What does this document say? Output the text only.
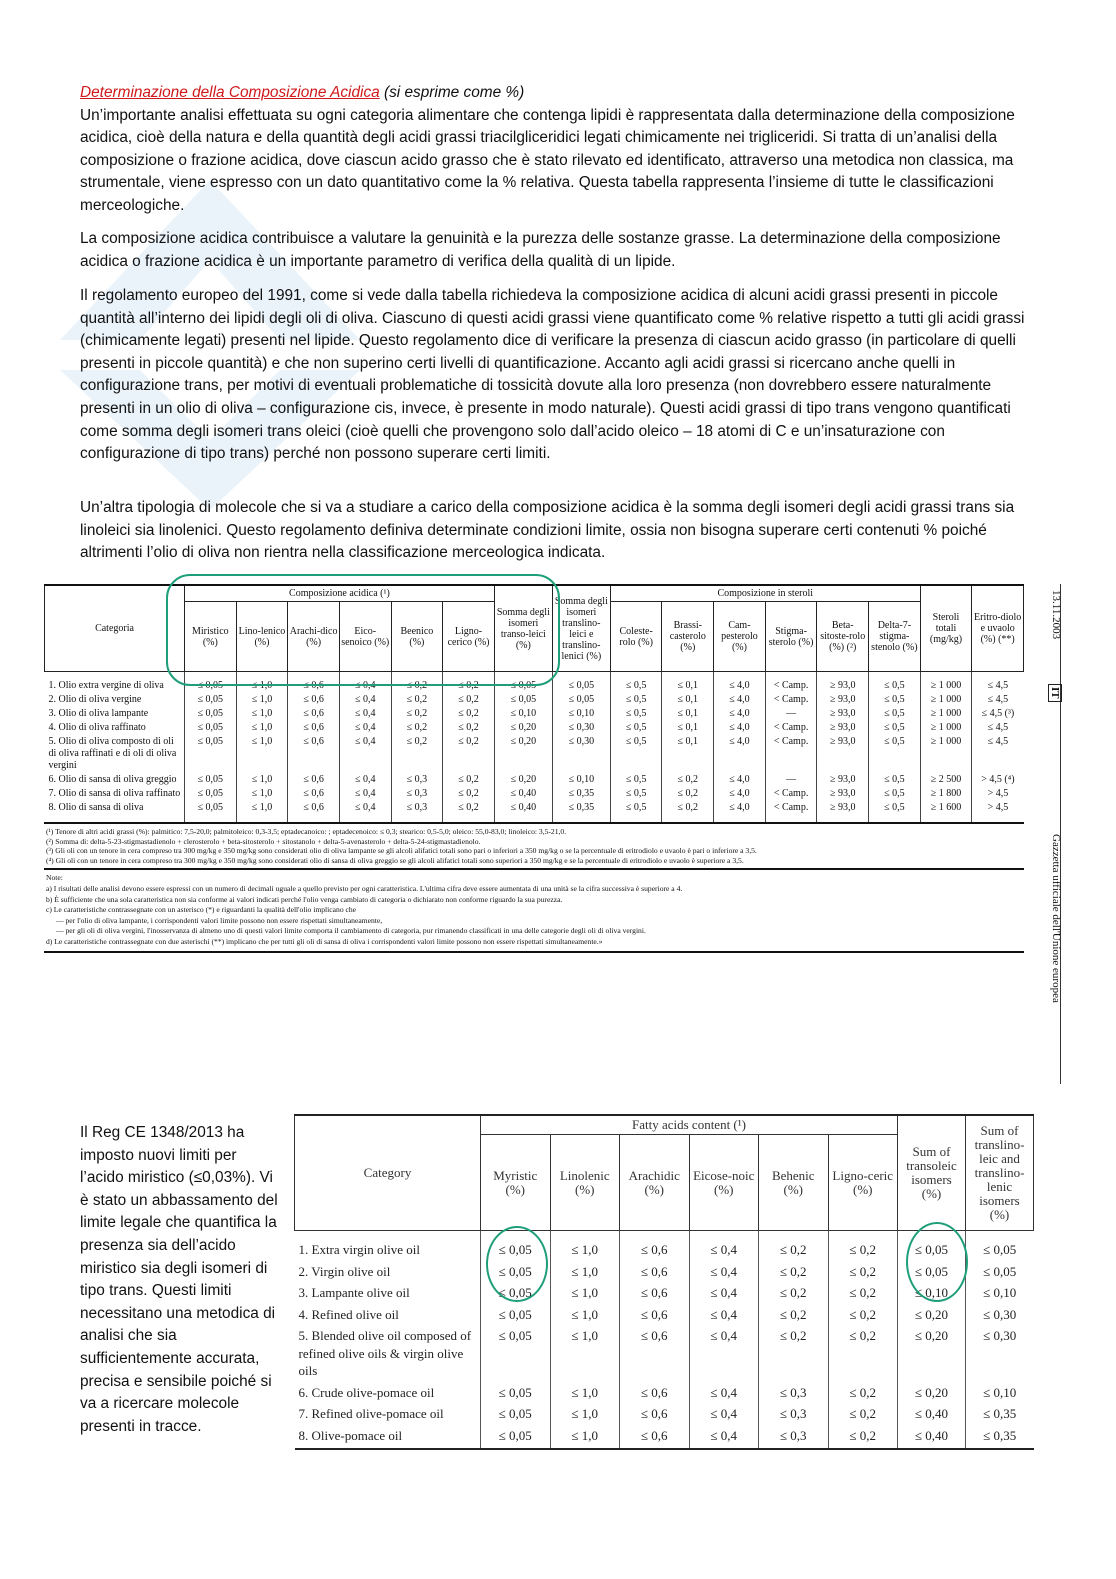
Determinazione della Composizione Acidica (si esprime come %)
Un’importante analisi effettuata su ogni categoria alimentare che contenga lipidi è rappresentata dalla determinazione della composizione acidica, cioè della natura e della quantità degli acidi grassi triacilgliceridici legati chimicamente nei trigliceridi. Si tratta di un’analisi della composizione o frazione acidica, dove ciascun acido grasso che è stato rilevato ed identificato, attraverso una metodica non classica, ma strumentale, viene espresso con un dato quantitativo come la % relativa. Questa tabella rappresenta l’insieme di tutte le classificazioni merceologiche.

La composizione acidica contribuisce a valutare la genuinità e la purezza delle sostanze grasse. La determinazione della composizione acidica o frazione acidica è un importante parametro di verifica della qualità di un lipide.

Il regolamento europeo del 1991, come si vede dalla tabella richiedeva la composizione acidica di alcuni acidi grassi presenti in piccole quantità all’interno dei lipidi degli oli di oliva. Ciascuno di questi acidi grassi viene quantificato come % relative rispetto a tutti gli acidi grassi (chimicamente legati) presenti nel lipide. Questo regolamento dice di verificare la presenza di ciascun acido grasso (in particolare di quelli presenti in piccole quantità) e che non superino certi livelli di quantificazione. Accanto agli acidi grassi si ricercano anche quelli in configurazione trans, per motivi di eventuali problematiche di tossicità dovute alla loro presenza (non dovrebbero essere naturalmente presenti in un olio di oliva – configurazione cis, invece, è presente in modo naturale). Questi acidi grassi di tipo trans vengono quantificati come somma degli isomeri trans oleici (cioè quelli che provengono solo dall’acido oleico – 18 atomi di C e un’insaturazione con configurazione di tipo trans) perché non possono superare certi limiti.

Un’altra tipologia di molecole che si va a studiare a carico della composizione acidica è la somma degli isomeri degli acidi grassi trans sia linoleici sia linolenici. Questo regolamento definiva determinate condizioni limite, ossia non bisogna superare certi contenuti % poiché altrimenti l’olio di oliva non rientra nella classificazione merceologica indicata.

Categoria	Composizione acidica (¹)						Somma degli isomeri transo-leici (%)	Somma degli isomeri translino-leici e translino-lenici (%)	Composizione in steroli						Steroli totali (mg/kg)	Eritro-diolo e uvaolo (%) (**)
	Miristico (%)	Lino-lenico (%)	Arachi-dico (%)	Eico-senoico (%)	Beenico (%)	Ligno-cerico (%)			Coleste-rolo (%)	Brassi-casterolo (%)	Cam-pesterolo (%)	Stigma-sterolo (%)	Beta-sitoste-rolo (%) (²)	Delta-7-stigma-stenolo (%)		
1. Olio extra vergine di oliva	≤ 0,05	≤ 1,0	≤ 0,6	≤ 0,4	≤ 0,2	≤ 0,2	≤ 0,05	≤ 0,05	≤ 0,5	≤ 0,1	≤ 4,0	< Camp.	≥ 93,0	≤ 0,5	≥ 1 000	≤ 4,5
2. Olio di oliva vergine	≤ 0,05	≤ 1,0	≤ 0,6	≤ 0,4	≤ 0,2	≤ 0,2	≤ 0,05	≤ 0,05	≤ 0,5	≤ 0,1	≤ 4,0	< Camp.	≥ 93,0	≤ 0,5	≥ 1 000	≤ 4,5
3. Olio di oliva lampante	≤ 0,05	≤ 1,0	≤ 0,6	≤ 0,4	≤ 0,2	≤ 0,2	≤ 0,10	≤ 0,10	≤ 0,5	≤ 0,1	≤ 4,0	—	≥ 93,0	≤ 0,5	≥ 1 000	≤ 4,5 (³)
4. Olio di oliva raffinato	≤ 0,05	≤ 1,0	≤ 0,6	≤ 0,4	≤ 0,2	≤ 0,2	≤ 0,20	≤ 0,30	≤ 0,5	≤ 0,1	≤ 4,0	< Camp.	≥ 93,0	≤ 0,5	≥ 1 000	≤ 4,5
5. Olio di oliva composto di oli di oliva raffinati e di oli di oliva vergini	≤ 0,05	≤ 1,0	≤ 0,6	≤ 0,4	≤ 0,2	≤ 0,2	≤ 0,20	≤ 0,30	≤ 0,5	≤ 0,1	≤ 4,0	< Camp.	≥ 93,0	≤ 0,5	≥ 1 000	≤ 4,5
6. Olio di sansa di oliva greggio	≤ 0,05	≤ 1,0	≤ 0,6	≤ 0,4	≤ 0,3	≤ 0,2	≤ 0,20	≤ 0,10	≤ 0,5	≤ 0,2	≤ 4,0	—	≥ 93,0	≤ 0,5	≥ 2 500	> 4,5 (⁴)
7. Olio di sansa di oliva raffinato	≤ 0,05	≤ 1,0	≤ 0,6	≤ 0,4	≤ 0,3	≤ 0,2	≤ 0,40	≤ 0,35	≤ 0,5	≤ 0,2	≤ 4,0	< Camp.	≥ 93,0	≤ 0,5	≥ 1 800	> 4,5
8. Olio di sansa di oliva	≤ 0,05	≤ 1,0	≤ 0,6	≤ 0,4	≤ 0,3	≤ 0,2	≤ 0,40	≤ 0,35	≤ 0,5	≤ 0,2	≤ 4,0	< Camp.	≥ 93,0	≤ 0,5	≥ 1 600	> 4,5
(¹) Tenore di altri acidi grassi (%): palmitico: 7,5-20,0; palmitoleico: 0,3-3,5; eptadecanoico: ; eptadecenoico: ≤ 0,3; stearico: 0,5-5,0; oleico: 55,0-83,0; linoleico: 3,5-21,0.
(²) Somma di: delta-5-23-stigmastadienolo + clerosterolo + beta-sitosterolo + sitostanolo + delta-5-avenasterolo + delta-5-24-stigmastadienolo.
(³) Gli oli con un tenore in cera compreso tra 300 mg/kg e 350 mg/kg sono considerati olio di oliva lampante se gli alcoli alifatici totali sono pari o inferiori a 350 mg/kg o se la percentuale di eritrodiolo e uvaolo è pari o inferiore a 3,5.
(⁴) Gli oli con un tenore in cera compreso tra 300 mg/kg e 350 mg/kg sono considerati olio di sansa di oliva greggio se gli alcoli alifatici totali sono superiori a 350 mg/kg e se la percentuale di eritrodiolo e uvaolo è superiore a 3,5.
Note:
a) I risultati delle analisi devono essere espressi con un numero di decimali uguale a quello previsto per ogni caratteristica. L'ultima cifra deve essere aumentata di una unità se la cifra successiva è superiore a 4.
b) È sufficiente che una sola caratteristica non sia conforme ai valori indicati perché l'olio venga cambiato di categoria o dichiarato non conforme riguardo la sua purezza.
c) Le caratteristiche contrassegnate con un asterisco (*) e riguardanti la qualità dell'olio implicano che
— per l'olio di oliva lampante, i corrispondenti valori limite possono non essere rispettati simultaneamente,
— per gli oli di oliva vergini, l'inosservanza di almeno uno di questi valori limite comporta il cambiamento di categoria, pur rimanendo classificati in una delle categorie degli oli di oliva vergini.
d) Le caratteristiche contrassegnate con due asterischi (**) implicano che per tutti gli oli di sansa di oliva i corrispondenti valori limite possono non essere rispettati simultaneamente.»
13.11.2003
IT
Gazzetta ufficiale dell'Unione europea
Il Reg CE 1348/2013 ha imposto nuovi limiti per l’acido miristico (≤0,03%). Vi è stato un abbassamento del limite legale che quantifica la presenza sia dell’acido miristico sia degli isomeri di tipo trans. Questi limiti necessitano una metodica di analisi che sia sufficientemente accurata, precisa e sensibile poiché si va a ricercare molecole presenti in tracce.
Category	Fatty acids content (¹)						Sum of transoleic isomers (%)	Sum of translino-leic and translino-lenic isomers (%)
	Myristic (%)	Linolenic (%)	Arachidic (%)	Eicose-noic (%)	Behenic (%)	Ligno-ceric (%)		
1. Extra virgin olive oil	≤ 0,05	≤ 1,0	≤ 0,6	≤ 0,4	≤ 0,2	≤ 0,2	≤ 0,05	≤ 0,05
2. Virgin olive oil	≤ 0,05	≤ 1,0	≤ 0,6	≤ 0,4	≤ 0,2	≤ 0,2	≤ 0,05	≤ 0,05
3. Lampante olive oil	≤ 0,05	≤ 1,0	≤ 0,6	≤ 0,4	≤ 0,2	≤ 0,2	≤ 0,10	≤ 0,10
4. Refined olive oil	≤ 0,05	≤ 1,0	≤ 0,6	≤ 0,4	≤ 0,2	≤ 0,2	≤ 0,20	≤ 0,30
5. Blended olive oil composed of refined olive oils & virgin olive oils	≤ 0,05	≤ 1,0	≤ 0,6	≤ 0,4	≤ 0,2	≤ 0,2	≤ 0,20	≤ 0,30
6. Crude olive-pomace oil	≤ 0,05	≤ 1,0	≤ 0,6	≤ 0,4	≤ 0,3	≤ 0,2	≤ 0,20	≤ 0,10
7. Refined olive-pomace oil	≤ 0,05	≤ 1,0	≤ 0,6	≤ 0,4	≤ 0,3	≤ 0,2	≤ 0,40	≤ 0,35
8. Olive-pomace oil	≤ 0,05	≤ 1,0	≤ 0,6	≤ 0,4	≤ 0,3	≤ 0,2	≤ 0,40	≤ 0,35
